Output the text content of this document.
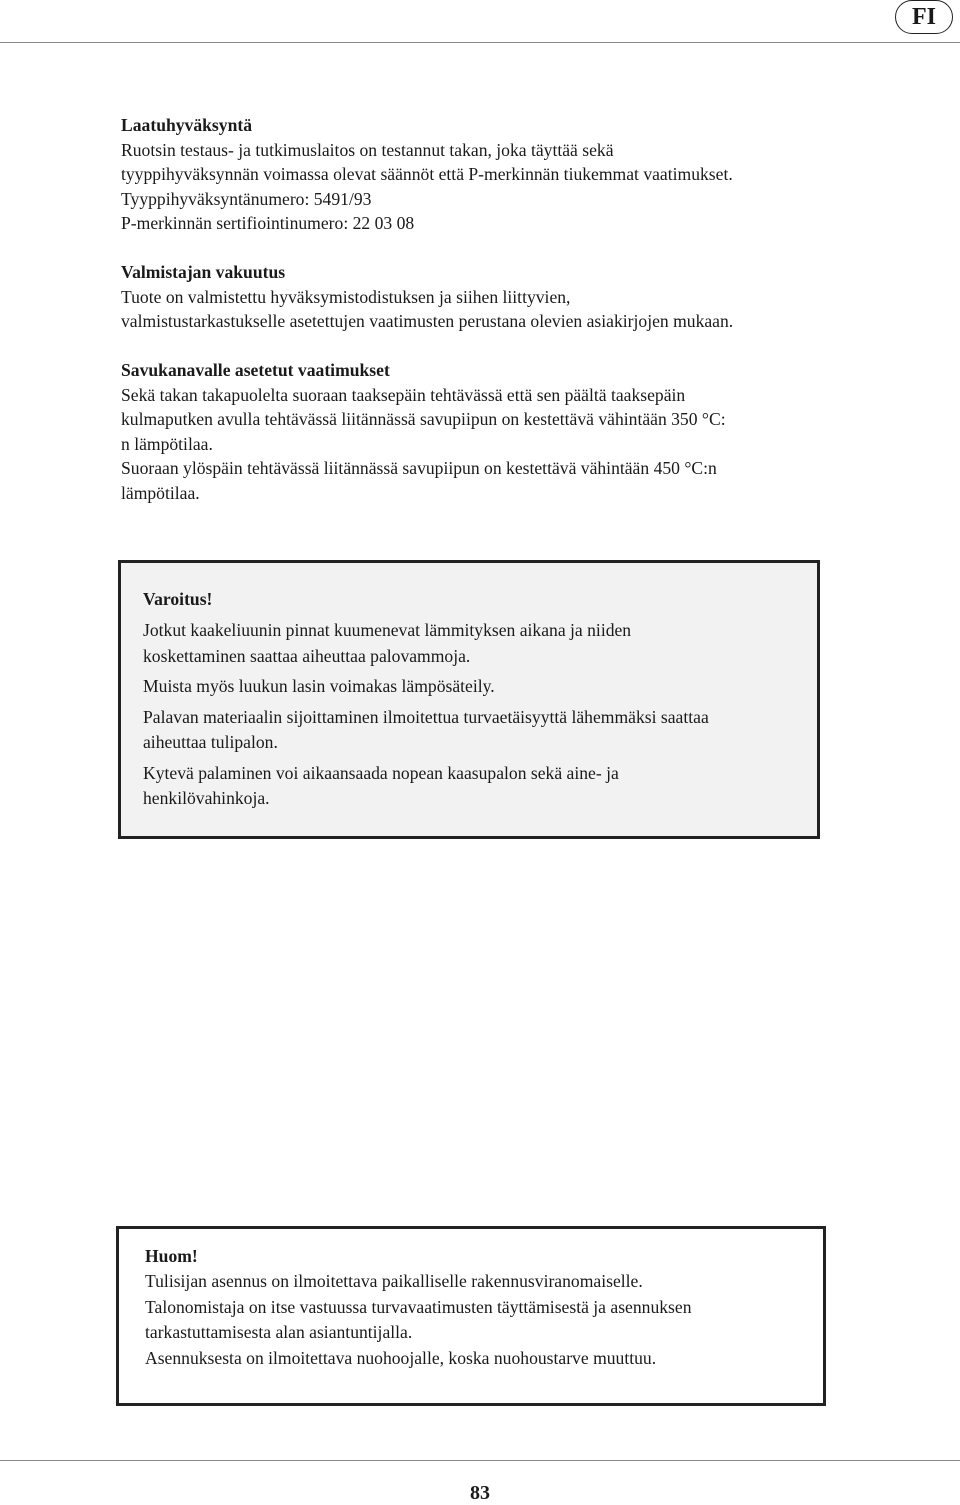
FI
Laatuhyväksyntä

Ruotsin testaus- ja tutkimuslaitos on testannut takan, joka täyttää sekä

tyyppihyväksynnän voimassa olevat säännöt että P-merkinnän tiukemmat vaatimukset.

Tyyppihyväksyntänumero: 5491/93

P-merkinnän sertifiointinumero: 22 03 08

Valmistajan vakuutus

Tuote on valmistettu hyväksymistodistuksen ja siihen liittyvien,

valmistustarkastukselle asetettujen vaatimusten perustana olevien asiakirjojen mukaan.

Savukanavalle asetetut vaatimukset

Sekä takan takapuolelta suoraan taaksepäin tehtävässä että sen päältä taaksepäin

kulmaputken avulla tehtävässä liitännässä savupiipun on kestettävä vähintään 350 °C:

n lämpötilaa.

Suoraan ylöspäin tehtävässä liitännässä savupiipun on kestettävä vähintään 450 °C:n

lämpötilaa.

Varoitus!

Jotkut kaakeliuunin pinnat kuumenevat lämmityksen aikana ja niiden
koskettaminen saattaa aiheuttaa palovammoja.

Muista myös luukun lasin voimakas lämpösäteily.

Palavan materiaalin sijoittaminen ilmoitettua turvaetäisyyttä lähemmäksi saattaa
aiheuttaa tulipalon.

Kytevä palaminen voi aikaansaada nopean kaasupalon sekä aine- ja
henkilövahinkoja.

Huom!

Tulisijan asennus on ilmoitettava paikalliselle rakennusviranomaiselle.

Talonomistaja on itse vastuussa turvavaatimusten täyttämisestä ja asennuksen

tarkastuttamisesta alan asiantuntijalla.

Asennuksesta on ilmoitettava nuohoojalle, koska nuohoustarve muuttuu.

83
